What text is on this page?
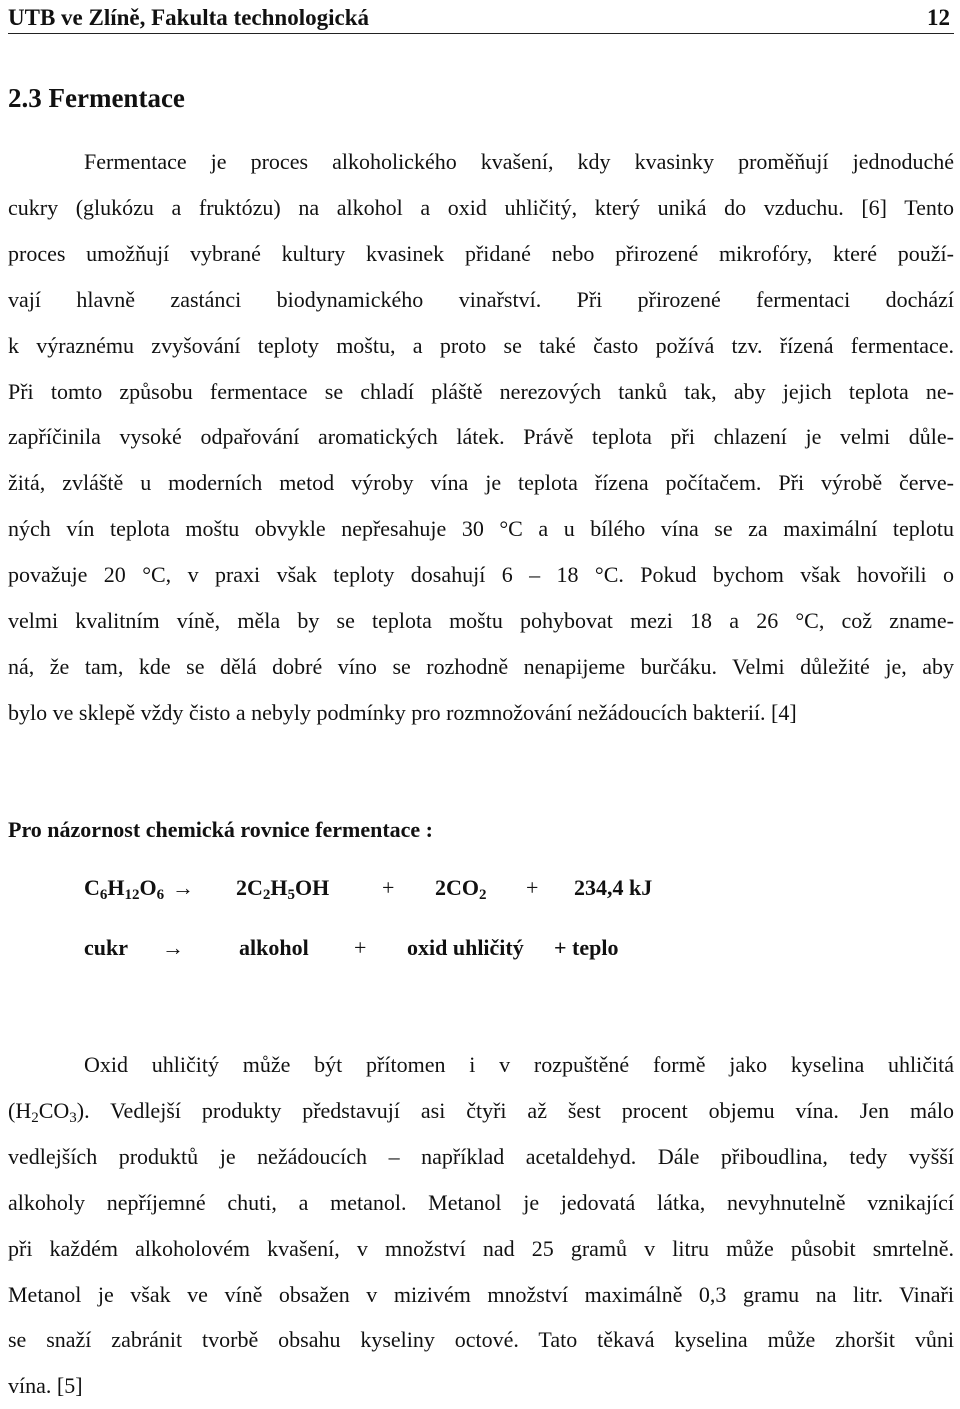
UTB ve Zlíně, Fakulta technologická	12
2.3 Fermentace

Fermentace je proces alkoholického kvašení, kdy kvasinky proměňují jednoduché
cukry (glukózu a fruktózu) na alkohol a oxid uhličitý, který uniká do vzduchu. [6] Tento
proces umožňují vybrané kultury kvasinek přidané nebo přirozené mikrofóry, které použí-
vají hlavně zastánci biodynamického vinařství. Při přirozené fermentaci dochází
k výraznému zvyšování teploty moštu, a proto se také často požívá tzv. řízená fermentace.
Při tomto způsobu fermentace se chladí pláště nerezových tanků tak, aby jejich teplota ne-
zapříčinila vysoké odpařování aromatických látek. Právě teplota při chlazení je velmi důle-
žitá, zvláště u moderních metod výroby vína je teplota řízena počítačem. Při výrobě červe-
ných vín teplota moštu obvykle nepřesahuje 30 °C a u bílého vína se za maximální teplotu
považuje 20 °C, v praxi však teploty dosahují 6 – 18 °C. Pokud bychom však hovořili o
velmi kvalitním víně, měla by se teplota moštu pohybovat mezi 18 a 26 °C, což zname-
ná, že tam, kde se dělá dobré víno se rozhodně nenapijeme burčáku. Velmi důležité je, aby
bylo ve sklepě vždy čisto a nebyly podmínky pro rozmnožování nežádoucích bakterií. [4]

Pro názornost chemická rovnice fermentace :

$C_6H_{12}O_6 \to 2C_2H_5OH + 2CO_2 + 234,4$ kJ
cukr →	alkohol + oxid uhličitý + teplo

Oxid uhličitý může být přítomen i v rozpuštěné formě jako kyselina uhličitá
$(H_2CO_3)$. Vedlejší produkty představují asi čtyři až šest procent objemu vína. Jen málo
vedlejších produktů je nežádoucích – například acetaldehyd. Dále přiboudlina, tedy vyšší
alkoholy nepříjemné chuti, a metanol. Metanol je jedovatá látka, nevyhnutelně vznikající
při každém alkoholovém kvašení, v množství nad 25 gramů v litru může působit smrtelně.
Metanol je však ve víně obsažen v mizivém množství maximálně 0,3 gramu na litr. Vinaři
se snaží zabránit tvorbě obsahu kyseliny octové. Tato těkavá kyselina může zhoršit vůni
vína. [5]
